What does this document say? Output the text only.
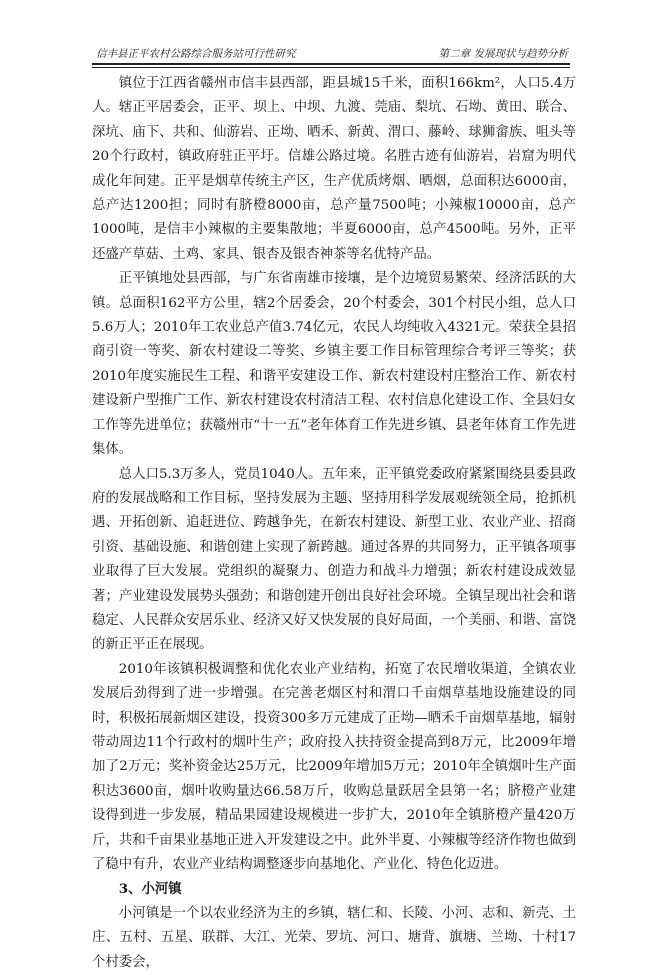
信丰县正平农村公路综合服务站可行性研究	第二章 发展现状与趋势分析

镇位于江西省赣州市信丰县西部，距县城15千米，面积166km²，人口5.4万人。辖正平居委会，正平、坝上、中坝、九渡、莞庙、梨坑、石坳、黄田、联合、深坑、庙下、共和、仙游岩、正坳、晒禾、新黄、渭口、藤岭、球狮畲族、咀头等20个行政村，镇政府驻正平圩。信雄公路过境。名胜古迹有仙游岩，岩窟为明代成化年间建。正平是烟草传统主产区，生产优质烤烟、晒烟，总面积达6000亩，总产达1200担；同时有脐橙8000亩，总产量7500吨；小辣椒10000亩，总产1000吨，是信丰小辣椒的主要集散地；半夏6000亩，总产4500吨。另外，正平还盛产草菇、土鸡、家具、银杏及银杏神茶等名优特产品。

正平镇地处县西部，与广东省南雄市接壤，是个边境贸易繁荣、经济活跃的大镇。总面积162平方公里，辖2个居委会，20个村委会，301个村民小组，总人口5.6万人；2010年工农业总产值3.74亿元，农民人均纯收入4321元。荣获全县招商引资一等奖、新农村建设二等奖、乡镇主要工作目标管理综合考评三等奖；获2010年度实施民生工程、和谐平安建设工作、新农村建设村庄整治工作、新农村建设新户型推广工作、新农村建设农村清洁工程、农村信息化建设工作、全县妇女工作等先进单位；获赣州市“十一五”老年体育工作先进乡镇、县老年体育工作先进集体。

总人口5.3万多人，党员1040人。五年来，正平镇党委政府紧紧围绕县委县政府的发展战略和工作目标，坚持发展为主题、坚持用科学发展观统领全局，抢抓机遇、开拓创新、追赶进位、跨越争先，在新农村建设、新型工业、农业产业、招商引资、基础设施、和谐创建上实现了新跨越。通过各界的共同努力，正平镇各项事业取得了巨大发展。党组织的凝聚力、创造力和战斗力增强；新农村建设成效显著；产业建设发展势头强劲；和谐创建开创出良好社会环境。全镇呈现出社会和谐稳定、人民群众安居乐业、经济又好又快发展的良好局面，一个美丽、和谐、富饶的新正平正在展现。

2010年该镇积极调整和优化农业产业结构，拓宽了农民增收渠道，全镇农业发展后劲得到了进一步增强。在完善老烟区村和渭口千亩烟草基地设施建设的同时，积极拓展新烟区建设，投资300多万元建成了正坳—晒禾千亩烟草基地，辐射带动周边11个行政村的烟叶生产；政府投入扶持资金提高到8万元，比2009年增加了2万元；奖补资金达25万元，比2009年增加5万元；2010年全镇烟叶生产面积达3600亩，烟叶收购量达66.58万斤，收购总量跃居全县第一名；脐橙产业建设得到进一步发展，精品果园建设规模进一步扩大，2010年全镇脐橙产量420万斤，共和千亩果业基地正进入开发建设之中。此外半夏、小辣椒等经济作物也做到了稳中有升，农业产业结构调整逐步向基地化、产业化、特色化迈进。

3、小河镇

小河镇是一个以农业经济为主的乡镇，辖仁和、长陵、小河、志和、新壳、土庄、五村、五星、联群、大江、光荣、罗坑、河口、塘背、旗塘、兰坳、十村17个村委会，
